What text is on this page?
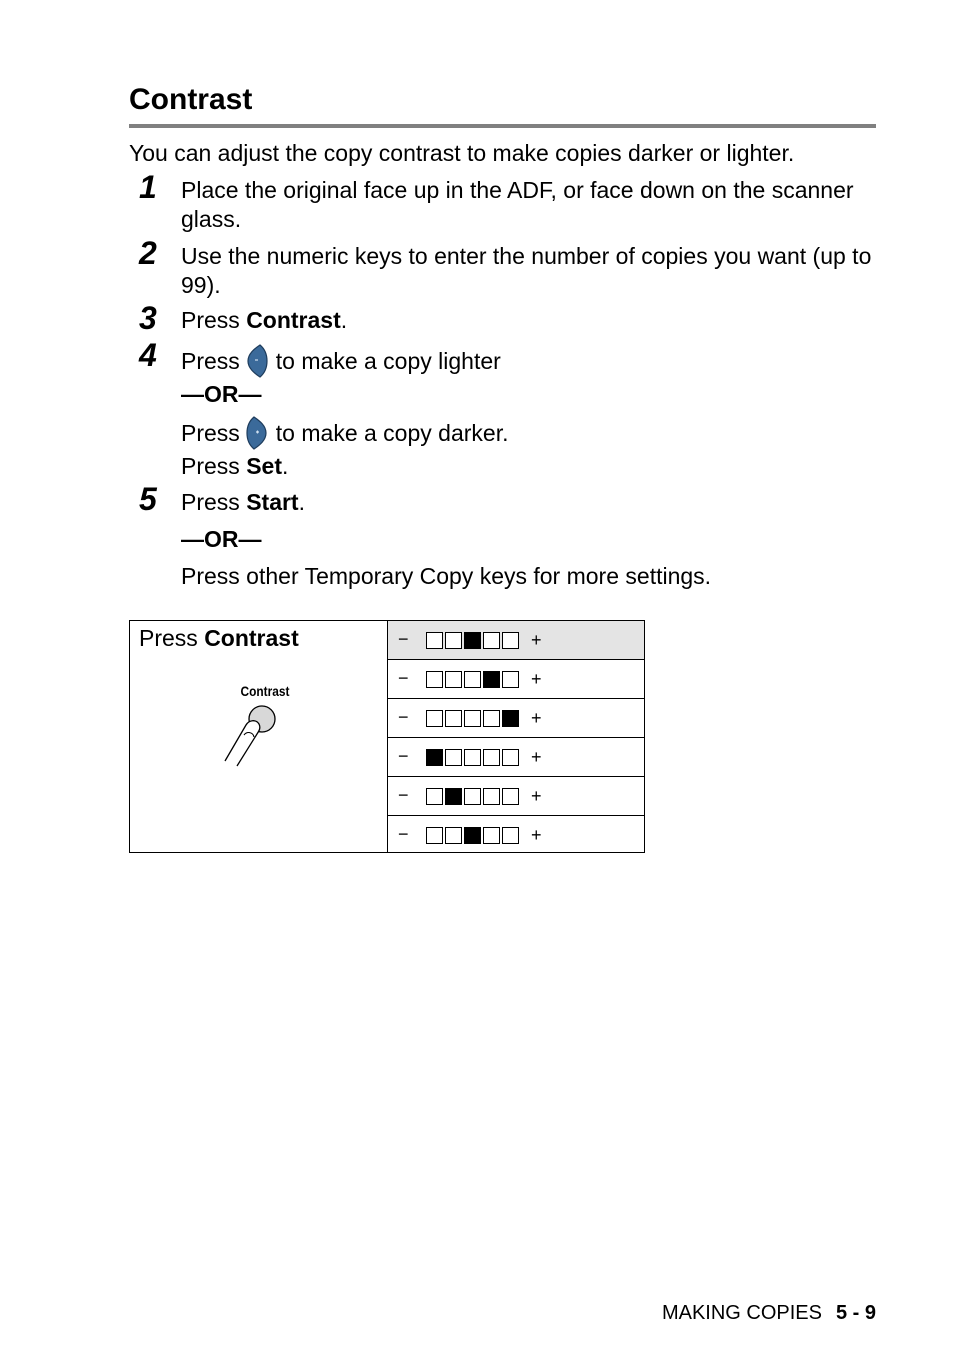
Contrast
You can adjust the copy contrast to make copies darker or lighter.
1	Place the original face up in the ADF, or face down on the scanner glass.
2	Use the numeric keys to enter the number of copies you want (up to 99).
3	Press Contrast.
4	Press to make a copy lighter
—OR—
Press to make a copy darker.
Press Set.
5	Press Start.
—OR—
Press other Temporary Copy keys for more settings.
Press Contrast
Contrast
−	+
−	+
−	+
−	+
−	+
−	+
MAKING COPIES 5 - 9
